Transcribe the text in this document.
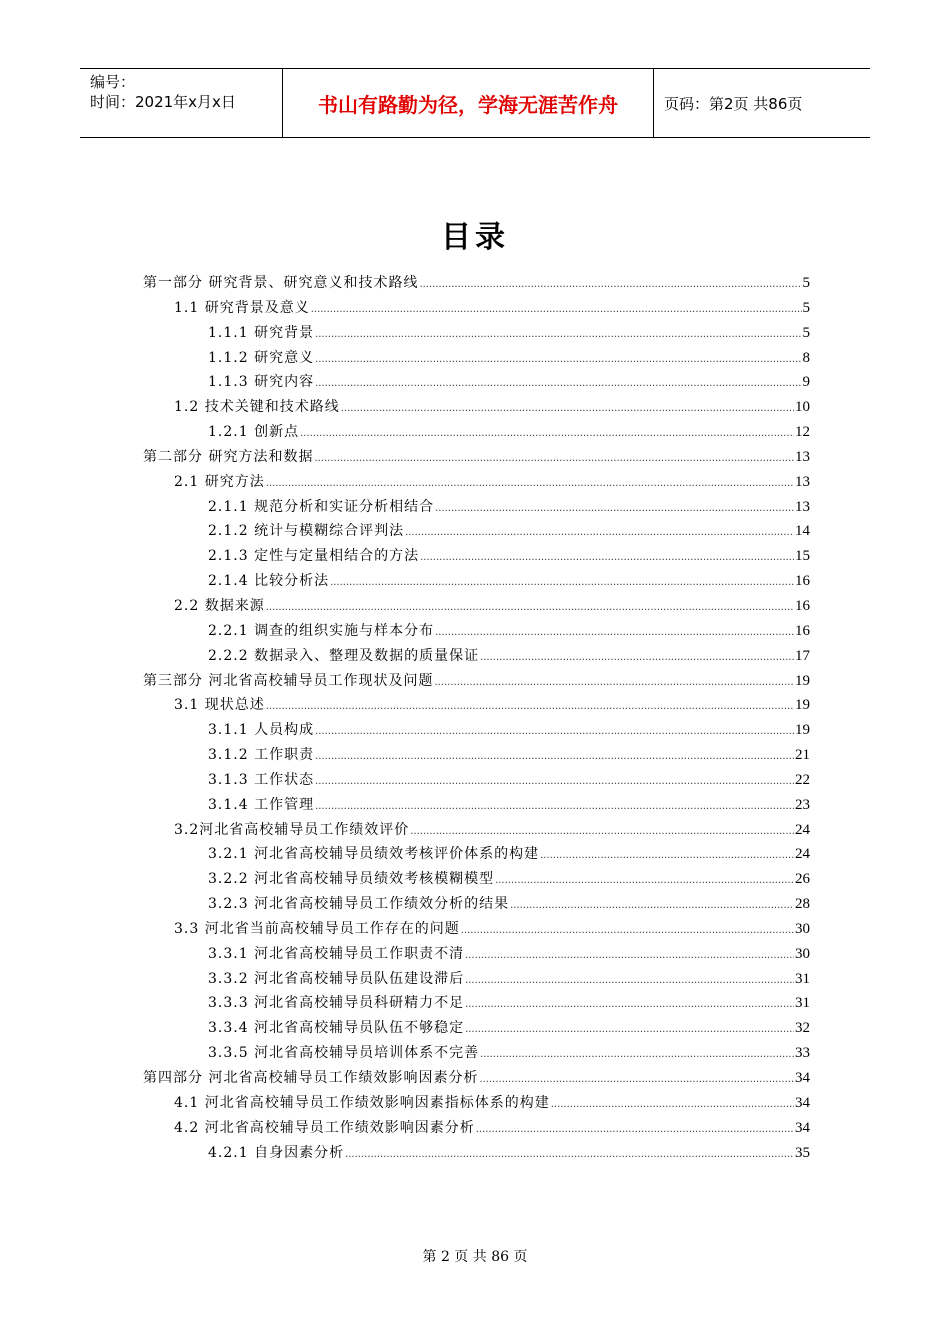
编号：
时间：2021年x月x日	书山有路勤为径，学海无涯苦作舟	页码：第2页 共86页
目录
第一部分 研究背景、研究意义和技术路线 .....	5
1.1 研究背景及意义 .....	5
1.1.1 研究背景 .....	5
1.1.2 研究意义 .....	8
1.1.3 研究内容 .....	9
1.2 技术关键和技术路线 .....	10
1.2.1 创新点 .....	12
第二部分 研究方法和数据 .....	13
2.1 研究方法 .....	13
2.1.1 规范分析和实证分析相结合 .....	13
2.1.2 统计与模糊综合评判法 .....	14
2.1.3 定性与定量相结合的方法 .....	15
2.1.4 比较分析法 .....	16
2.2 数据来源 .....	16
2.2.1 调查的组织实施与样本分布 .....	16
2.2.2 数据录入、整理及数据的质量保证 .....	17
第三部分 河北省高校辅导员工作现状及问题 .....	19
3.1 现状总述 .....	19
3.1.1 人员构成 .....	19
3.1.2 工作职责 .....	21
3.1.3 工作状态 .....	22
3.1.4 工作管理 .....	23
3.2河北省高校辅导员工作绩效评价 .....	24
3.2.1 河北省高校辅导员绩效考核评价体系的构建 .....	24
3.2.2 河北省高校辅导员绩效考核模糊模型 .....	26
3.2.3 河北省高校辅导员工作绩效分析的结果 .....	28
3.3 河北省当前高校辅导员工作存在的问题 .....	30
3.3.1 河北省高校辅导员工作职责不清 .....	30
3.3.2 河北省高校辅导员队伍建设滞后 .....	31
3.3.3 河北省高校辅导员科研精力不足 .....	31
3.3.4 河北省高校辅导员队伍不够稳定 .....	32
3.3.5 河北省高校辅导员培训体系不完善 .....	33
第四部分 河北省高校辅导员工作绩效影响因素分析 .....	34
4.1 河北省高校辅导员工作绩效影响因素指标体系的构建 .....	34
4.2 河北省高校辅导员工作绩效影响因素分析 .....	34
4.2.1 自身因素分析 .....	35
第 2 页 共 86 页
